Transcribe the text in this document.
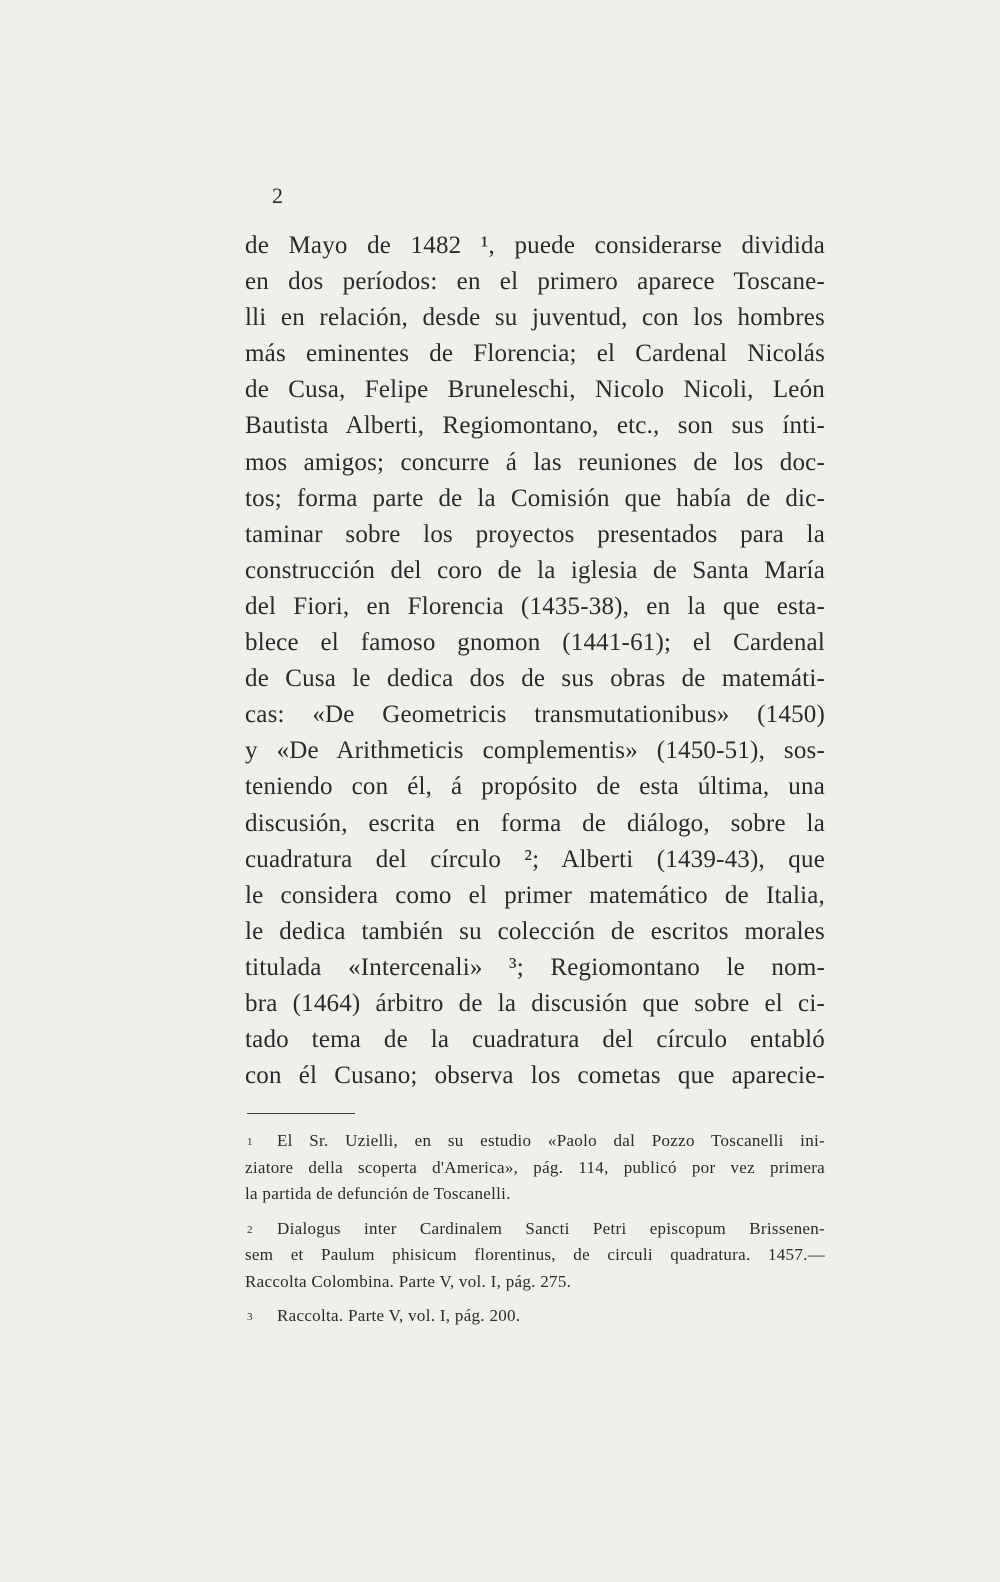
2
de Mayo de 1482 ¹, puede considerarse dividida
en dos períodos: en el primero aparece Toscane-
lli en relación, desde su juventud, con los hombres
más eminentes de Florencia; el Cardenal Nicolás
de Cusa, Felipe Bruneleschi, Nicolo Nicoli, León
Bautista Alberti, Regiomontano, etc., son sus ínti-
mos amigos; concurre á las reuniones de los doc-
tos; forma parte de la Comisión que había de dic-
taminar sobre los proyectos presentados para la
construcción del coro de la iglesia de Santa María
del Fiori, en Florencia (1435-38), en la que esta-
blece el famoso gnomon (1441-61); el Cardenal
de Cusa le dedica dos de sus obras de matemáti-
cas: «De Geometricis transmutationibus» (1450)
y «De Arithmeticis complementis» (1450-51), sos-
teniendo con él, á propósito de esta última, una
discusión, escrita en forma de diálogo, sobre la
cuadratura del círculo ²; Alberti (1439-43), que
le considera como el primer matemático de Italia,
le dedica también su colección de escritos morales
titulada «Intercenali» ³; Regiomontano le nom-
bra (1464) árbitro de la discusión que sobre el ci-
tado tema de la cuadratura del círculo entabló
con él Cusano; observa los cometas que aparecie-
1 El Sr. Uzielli, en su estudio «Paolo dal Pozzo Toscanelli ini-
ziatore della scoperta d'America», pág. 114, publicó por vez primera
la partida de defunción de Toscanelli.
2 Dialogus inter Cardinalem Sancti Petri episcopum Brissenen-
sem et Paulum phisicum florentinus, de circuli quadratura. 1457.—
Raccolta Colombina. Parte V, vol. I, pág. 275.
3 Raccolta. Parte V, vol. I, pág. 200.
